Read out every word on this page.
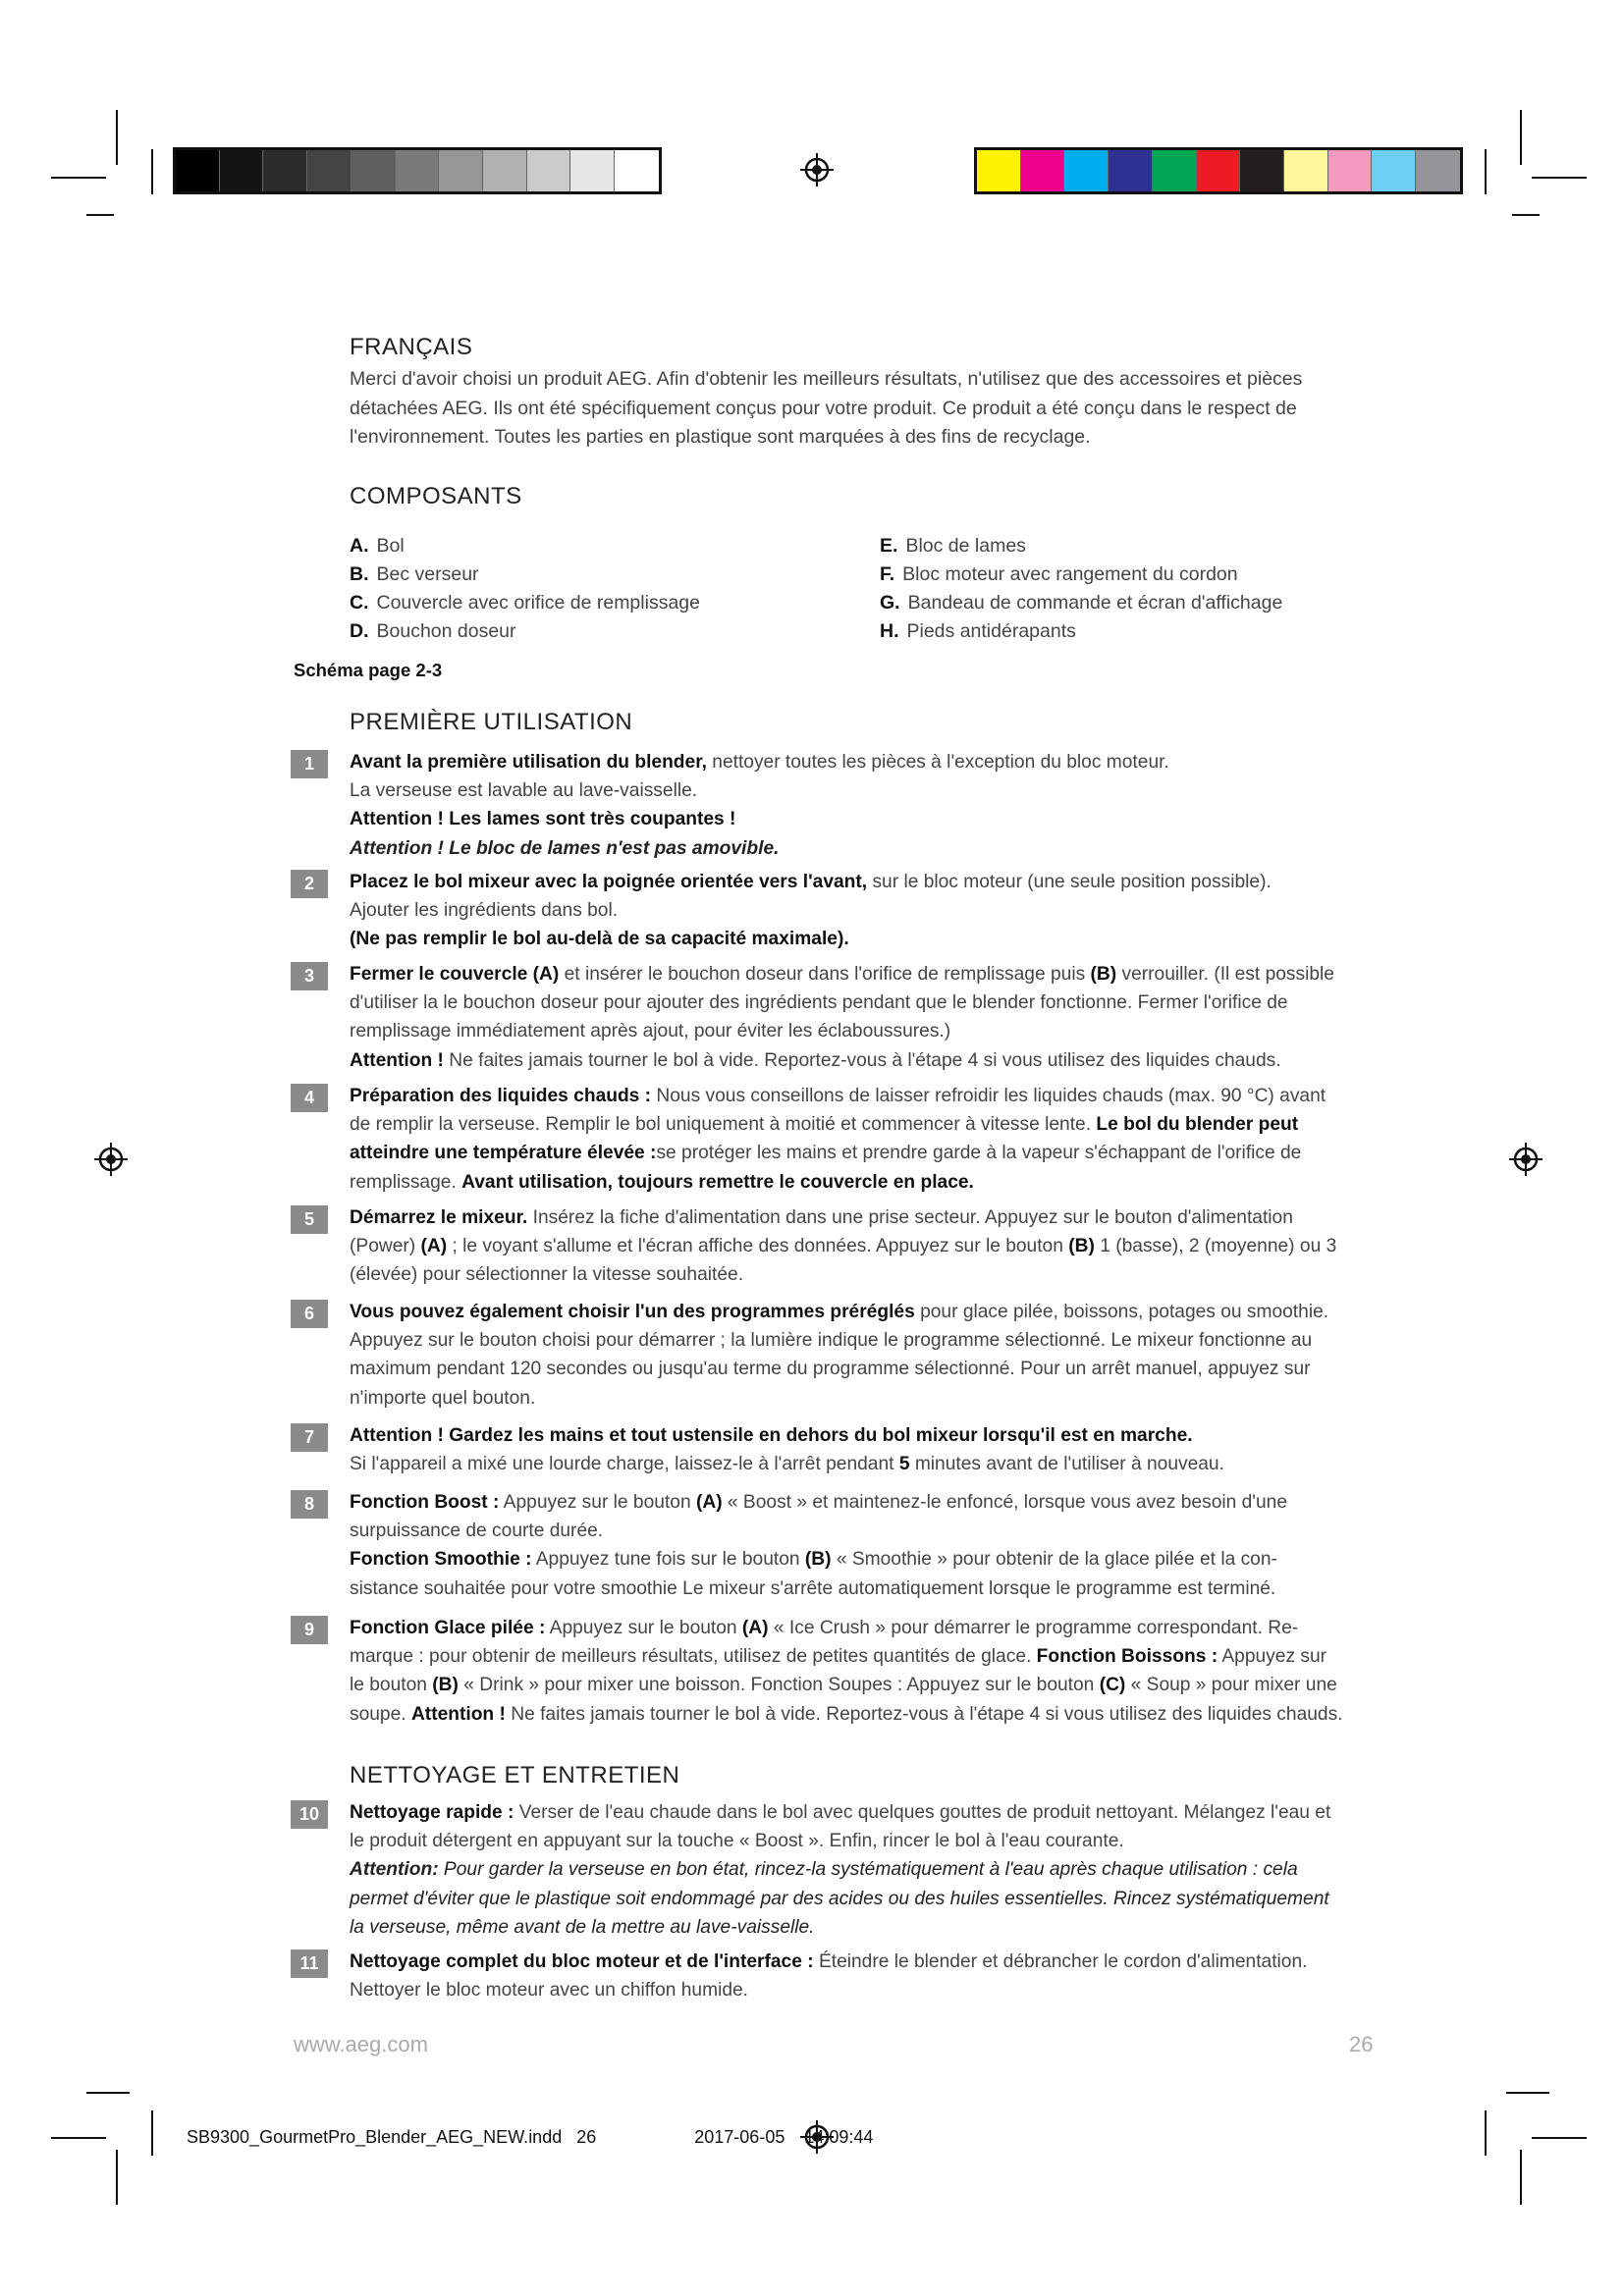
FRANÇAIS
Merci d'avoir choisi un produit AEG. Afin d'obtenir les meilleurs résultats, n'utilisez que des accessoires et pièces détachées AEG. Ils ont été spécifiquement conçus pour votre produit. Ce produit a été conçu dans le respect de l'environnement. Toutes les parties en plastique sont marquées à des fins de recyclage.
COMPOSANTS
A. Bol
B. Bec verseur
C. Couvercle avec orifice de remplissage
D. Bouchon doseur
E. Bloc de lames
F. Bloc moteur avec rangement du cordon
G. Bandeau de commande et écran d'affichage
H. Pieds antidérapants
Schéma page 2-3
PREMIÈRE UTILISATION
1	Avant la première utilisation du blender, nettoyer toutes les pièces à l'exception du bloc moteur.
La verseuse est lavable au lave-vaisselle.
Attention ! Les lames sont très coupantes !
Attention ! Le bloc de lames n'est pas amovible.
2	Placez le bol mixeur avec la poignée orientée vers l'avant, sur le bloc moteur (une seule position possible).
Ajouter les ingrédients dans bol.
(Ne pas remplir le bol au-delà de sa capacité maximale).
3	Fermer le couvercle (A) et insérer le bouchon doseur dans l'orifice de remplissage puis (B) verrouiller. (Il est possible
d'utiliser la le bouchon doseur pour ajouter des ingrédients pendant que le blender fonctionne. Fermer l'orifice de
remplissage immédiatement après ajout, pour éviter les éclaboussures.)
Attention ! Ne faites jamais tourner le bol à vide. Reportez-vous à l'étape 4 si vous utilisez des liquides chauds.
4	Préparation des liquides chauds : Nous vous conseillons de laisser refroidir les liquides chauds (max. 90 °C) avant
de remplir la verseuse. Remplir le bol uniquement à moitié et commencer à vitesse lente. Le bol du blender peut
atteindre une température élevée :se protéger les mains et prendre garde à la vapeur s'échappant de l'orifice de
remplissage. Avant utilisation, toujours remettre le couvercle en place.
5	Démarrez le mixeur. Insérez la fiche d'alimentation dans une prise secteur. Appuyez sur le bouton d'alimentation
(Power) (A) ; le voyant s'allume et l'écran affiche des données. Appuyez sur le bouton (B) 1 (basse), 2 (moyenne) ou 3
(élevée) pour sélectionner la vitesse souhaitée.
6	Vous pouvez également choisir l'un des programmes préréglés pour glace pilée, boissons, potages ou smoothie.
Appuyez sur le bouton choisi pour démarrer ; la lumière indique le programme sélectionné. Le mixeur fonctionne au
maximum pendant 120 secondes ou jusqu'au terme du programme sélectionné. Pour un arrêt manuel, appuyez sur
n'importe quel bouton.
7	Attention ! Gardez les mains et tout ustensile en dehors du bol mixeur lorsqu'il est en marche.
Si l'appareil a mixé une lourde charge, laissez-le à l'arrêt pendant 5 minutes avant de l'utiliser à nouveau.
8	Fonction Boost : Appuyez sur le bouton (A) « Boost » et maintenez-le enfoncé, lorsque vous avez besoin d'une
surpuissance de courte durée.
Fonction Smoothie : Appuyez tune fois sur le bouton (B) « Smoothie » pour obtenir de la glace pilée et la con-
sistance souhaitée pour votre smoothie Le mixeur s'arrête automatiquement lorsque le programme est terminé.
9	Fonction Glace pilée : Appuyez sur le bouton (A) « Ice Crush » pour démarrer le programme correspondant. Re-
marque : pour obtenir de meilleurs résultats, utilisez de petites quantités de glace. Fonction Boissons : Appuyez sur
le bouton (B) « Drink » pour mixer une boisson. Fonction Soupes : Appuyez sur le bouton (C) « Soup » pour mixer une
soupe. Attention ! Ne faites jamais tourner le bol à vide. Reportez-vous à l'étape 4 si vous utilisez des liquides chauds.
NETTOYAGE ET ENTRETIEN
10	Nettoyage rapide : Verser de l'eau chaude dans le bol avec quelques gouttes de produit nettoyant. Mélangez l'eau et
le produit détergent en appuyant sur la touche « Boost ». Enfin, rincer le bol à l'eau courante.
Attention: Pour garder la verseuse en bon état, rincez-la systématiquement à l'eau après chaque utilisation : cela
permet d'éviter que le plastique soit endommagé par des acides ou des huiles essentielles. Rincez systématiquement
la verseuse, même avant de la mettre au lave-vaisselle.
11	Nettoyage complet du bloc moteur et de l'interface : Éteindre le blender et débrancher le cordon d'alimentation.
Nettoyer le bloc moteur avec un chiffon humide.
www.aeg.com	26
SB9300_GourmetPro_Blender_AEG_NEW.indd   26                    2017-06-05    14:09:44
